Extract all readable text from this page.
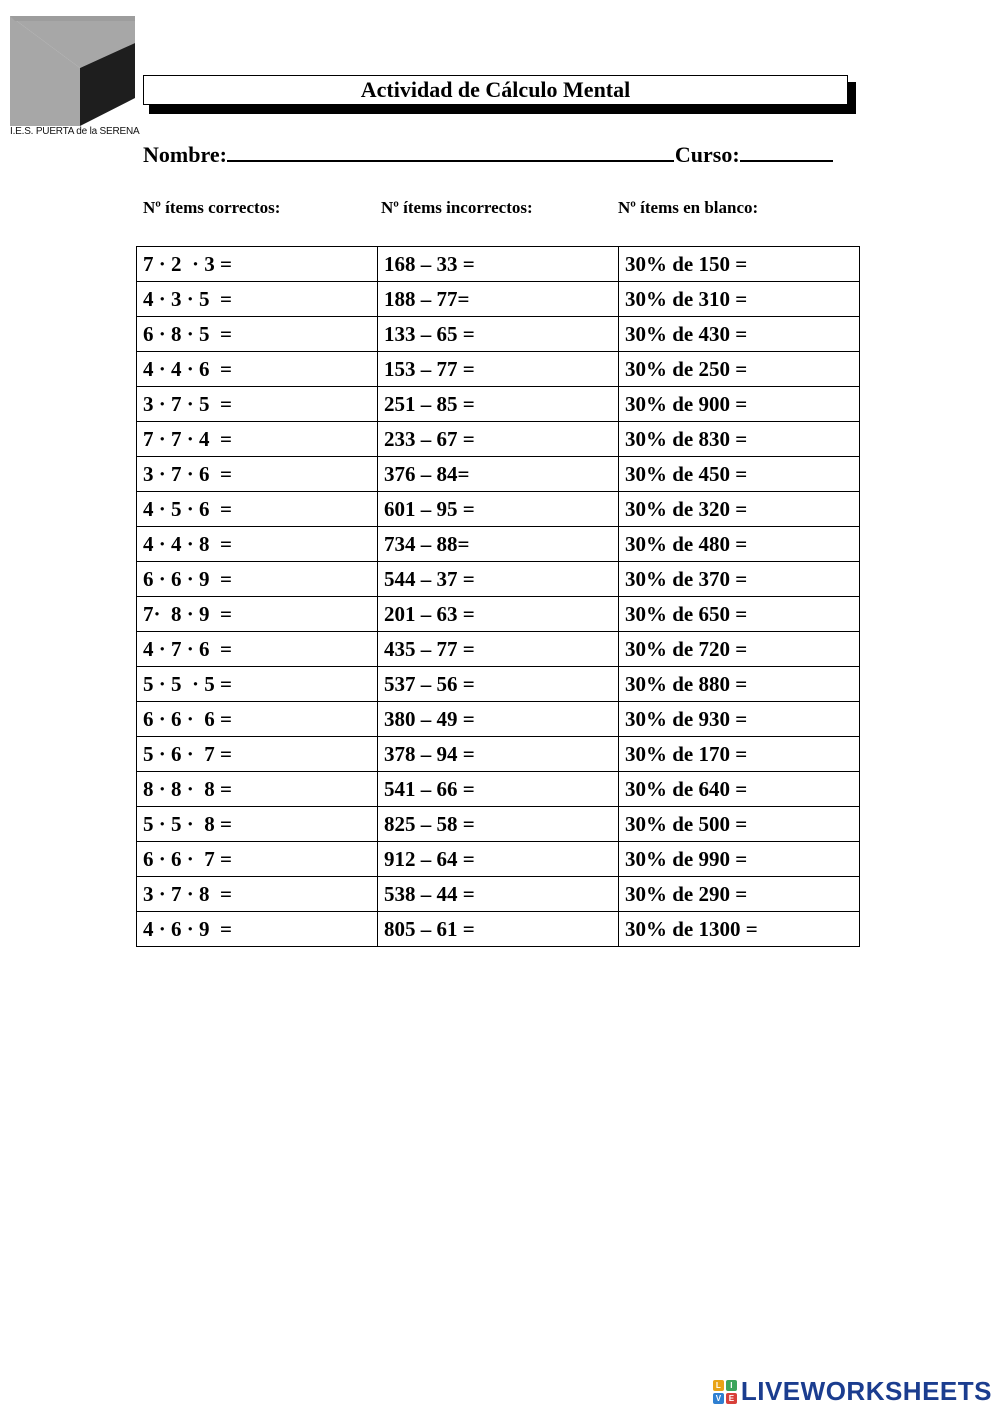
I.E.S. PUERTA de la SERENA
Actividad de Cálculo Mental
Nombre:	Curso:
Nº ítems correctos:	Nº ítems incorrectos:	Nº ítems en blanco:
7 · 2  · 3 =	168 – 33 =	30% de 150 =
4 · 3 · 5  =	188 – 77=	30% de 310 =
6 · 8 · 5  =	133 – 65 =	30% de 430 =
4 · 4 · 6  =	153 – 77 =	30% de 250 =
3 · 7 · 5  =	251 – 85 =	30% de 900 =
7 · 7 · 4  =	233 – 67 =	30% de 830 =
3 · 7 · 6  =	376 – 84=	30% de 450 =
4 · 5 · 6  =	601 – 95 =	30% de 320 =
4 · 4 · 8  =	734 – 88=	30% de 480 =
6 · 6 · 9  =	544 – 37 =	30% de 370 =
7·  8 · 9  =	201 – 63 =	30% de 650 =
4 · 7 · 6  =	435 – 77 =	30% de 720 =
5 · 5  · 5 =	537 – 56 =	30% de 880 =
6 · 6 ·  6 =	380 – 49 =	30% de 930 =
5 · 6 ·  7 =	378 – 94 =	30% de 170 =
8 · 8 ·  8 =	541 – 66 =	30% de 640 =
5 · 5 ·  8 =	825 – 58 =	30% de 500 =
6 · 6 ·  7 =	912 – 64 =	30% de 990 =
3 · 7 · 8  =	538 – 44 =	30% de 290 =
4 · 6 · 9  =	805 – 61 =	30% de 1300 =
L	I
V E LIVEWORKSHEETS
